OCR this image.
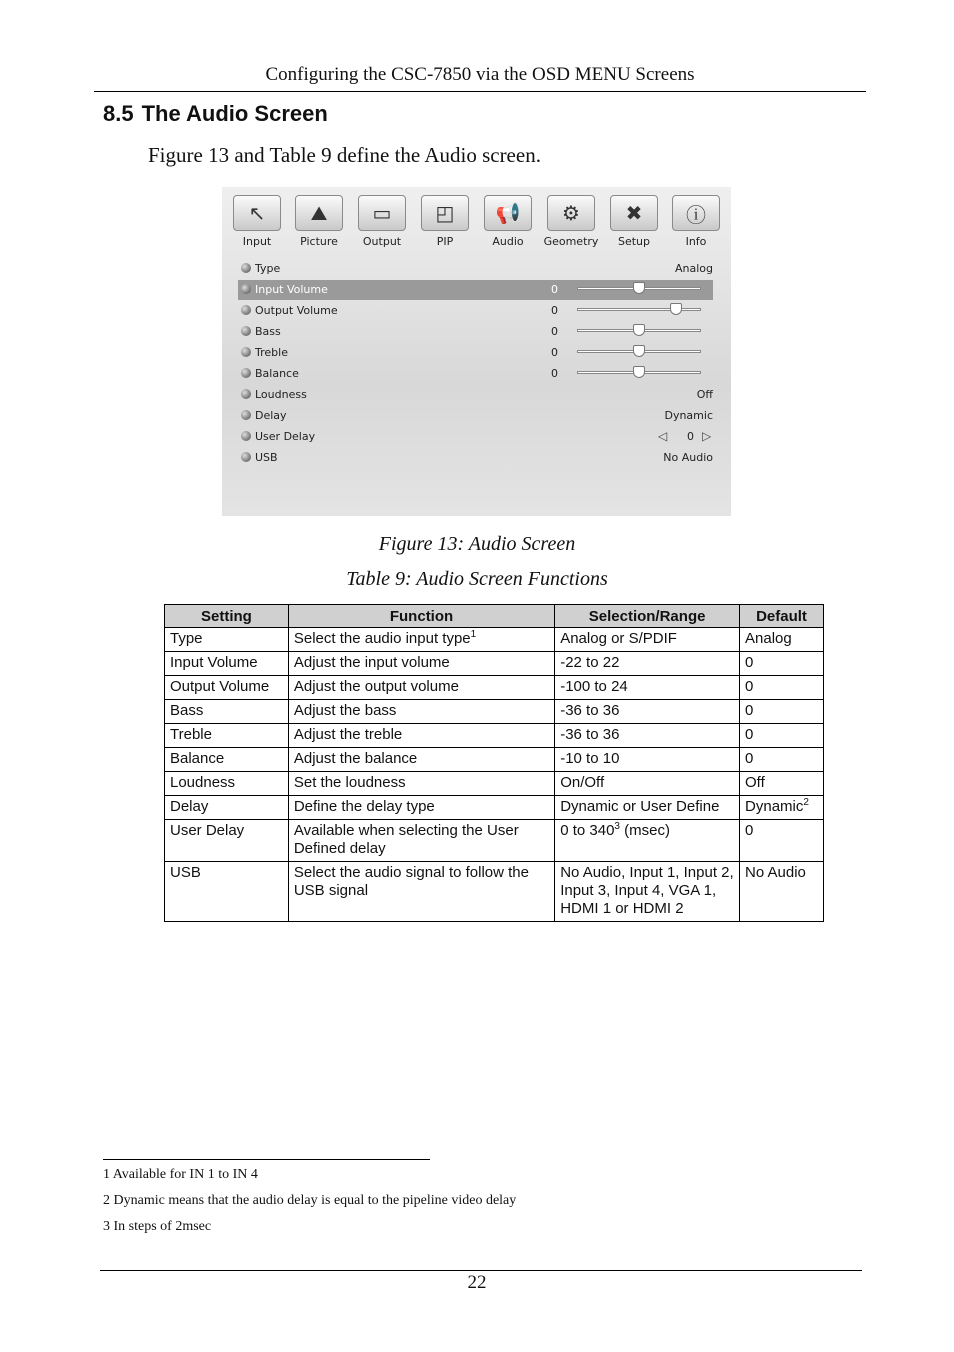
Configuring the CSC-7850 via the OSD MENU Screens
8.5 The Audio Screen
Figure 13 and Table 9 define the Audio screen.
↖
Input
⛰
Picture
▭
Output
◰
PIP
📢
Audio
⚙
Geometry
✖
Setup
ⓘ
Info
Type	Analog
Input Volume	0
Output Volume	0
Bass	0
Treble	0
Balance	0
Loudness	Off
Delay	Dynamic
User Delay	◁ 0 ▷
USB	No Audio
Figure 13: Audio Screen
Table 9: Audio Screen Functions
Setting	Function	Selection/Range	Default
Type	Select the audio input type$^1$	Analog or S/PDIF	Analog
Input Volume	Adjust the input volume	-22 to 22	0
Output Volume	Adjust the output volume	-100 to 24	0
Bass	Adjust the bass	-36 to 36	0
Treble	Adjust the treble	-36 to 36	0
Balance	Adjust the balance	-10 to 10	0
Loudness	Set the loudness	On/Off	Off
Delay	Define the delay type	Dynamic or User Define	Dynamic$^2$
User Delay	Available when selecting the User Defined delay	0 to $340^3$ (msec)	0
USB	Select the audio signal to follow the USB signal	No Audio, Input 1, Input 2, Input 3, Input 4, VGA 1, HDMI 1 or HDMI 2	No Audio
1 Available for IN 1 to IN 4
2 Dynamic means that the audio delay is equal to the pipeline video delay
3 In steps of 2msec
22
